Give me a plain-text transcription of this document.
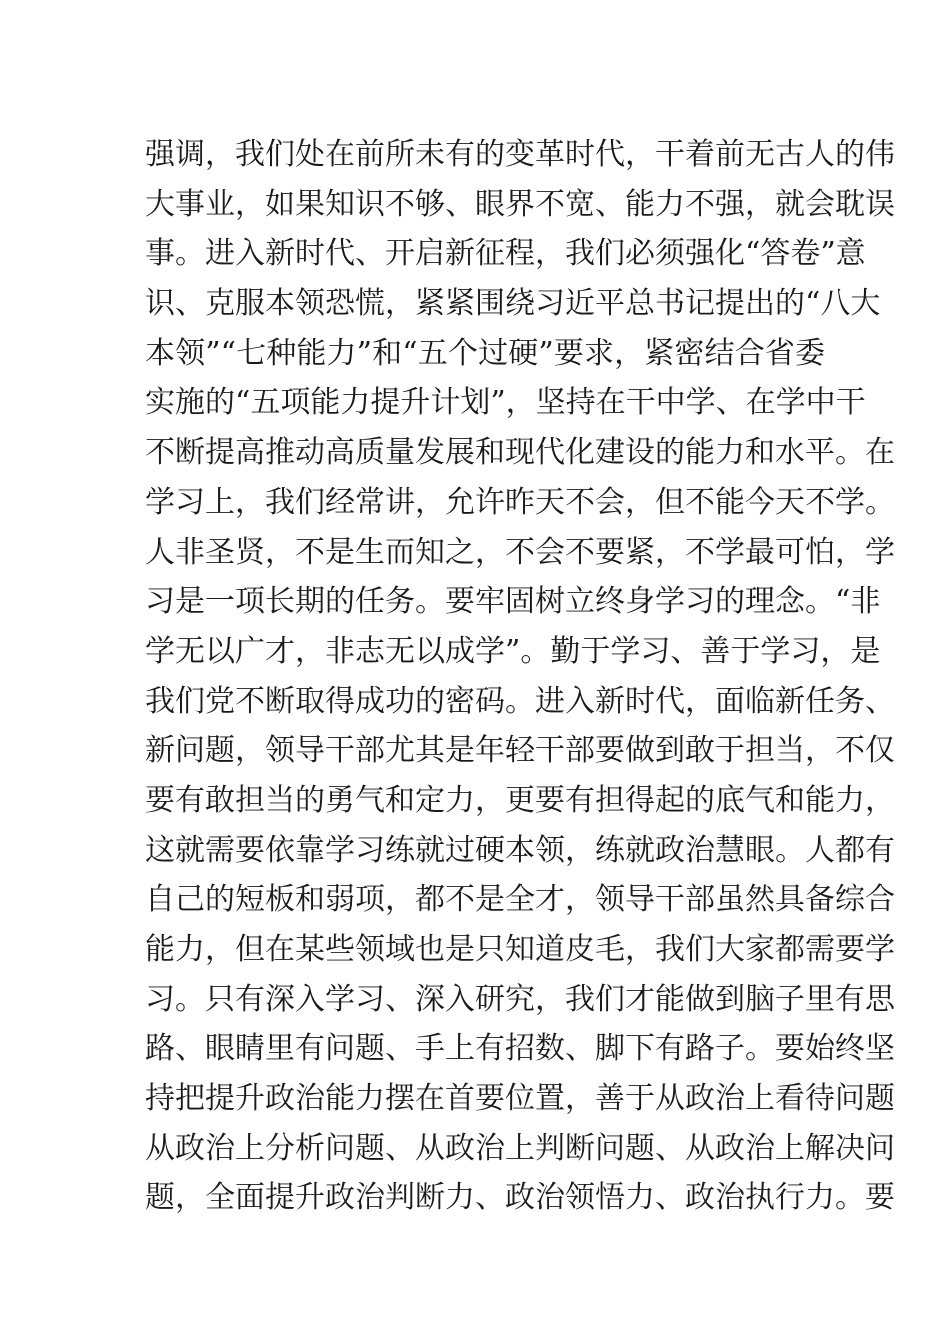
强调，我们处在前所未有的变革时代，干着前无古人的伟
大事业，如果知识不够、眼界不宽、能力不强，就会耽误
事。进入新时代、开启新征程，我们必须强化“答卷”意
识、克服本领恐慌，紧紧围绕习近平总书记提出的“八大
本领”“七种能力”和“五个过硬”要求，紧密结合省委
实施的“五项能力提升计划”，坚持在干中学、在学中干
不断提高推动高质量发展和现代化建设的能力和水平。在
学习上，我们经常讲，允许昨天不会，但不能今天不学。
人非圣贤，不是生而知之，不会不要紧，不学最可怕，学
习是一项长期的任务。要牢固树立终身学习的理念。“非
学无以广才，非志无以成学”。勤于学习、善于学习，是
我们党不断取得成功的密码。进入新时代，面临新任务、
新问题，领导干部尤其是年轻干部要做到敢于担当，不仅
要有敢担当的勇气和定力，更要有担得起的底气和能力，
这就需要依靠学习练就过硬本领，练就政治慧眼。人都有
自己的短板和弱项，都不是全才，领导干部虽然具备综合
能力，但在某些领域也是只知道皮毛，我们大家都需要学
习。只有深入学习、深入研究，我们才能做到脑子里有思
路、眼睛里有问题、手上有招数、脚下有路子。要始终坚
持把提升政治能力摆在首要位置，善于从政治上看待问题
从政治上分析问题、从政治上判断问题、从政治上解决问
题，全面提升政治判断力、政治领悟力、政治执行力。要
